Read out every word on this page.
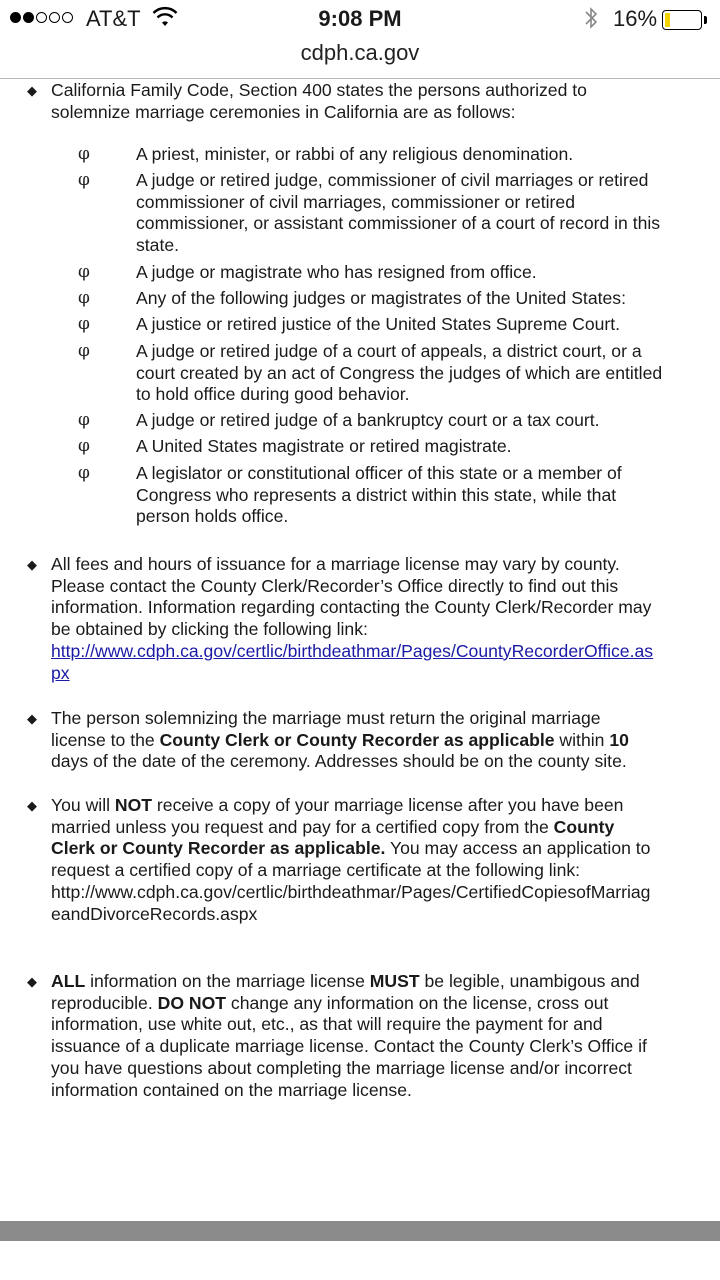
AT&T	9:08 PM	16%
cdph.ca.gov
◆ California Family Code, Section 400 states the persons authorized to
solemnize marriage ceremonies in California are as follows:
φ	A priest, minister, or rabbi of any religious denomination.
φ	A judge or retired judge, commissioner of civil marriages or retired
commissioner of civil marriages, commissioner or retired
commissioner, or assistant commissioner of a court of record in this
state.
φ	A judge or magistrate who has resigned from office.
φ	Any of the following judges or magistrates of the United States:
φ	A justice or retired justice of the United States Supreme Court.
φ	A judge or retired judge of a court of appeals, a district court, or a
court created by an act of Congress the judges of which are entitled
to hold office during good behavior.
φ	A judge or retired judge of a bankruptcy court or a tax court.
φ	A United States magistrate or retired magistrate.
φ	A legislator or constitutional officer of this state or a member of
Congress who represents a district within this state, while that
person holds office.
◆ All fees and hours of issuance for a marriage license may vary by county.
Please contact the County Clerk/Recorder’s Office directly to find out this
information. Information regarding contacting the County Clerk/Recorder may
be obtained by clicking the following link:
http://www.cdph.ca.gov/certlic/birthdeathmar/Pages/CountyRecorderOffice.as
px
◆ The person solemnizing the marriage must return the original marriage
license to the County Clerk or County Recorder as applicable within 10
days of the date of the ceremony. Addresses should be on the county site.
◆ You will NOT receive a copy of your marriage license after you have been
married unless you request and pay for a certified copy from the County
Clerk or County Recorder as applicable. You may access an application to
request a certified copy of a marriage certificate at the following link:
http://www.cdph.ca.gov/certlic/birthdeathmar/Pages/CertifiedCopiesofMarriag
eandDivorceRecords.aspx
◆ ALL information on the marriage license MUST be legible, unambigous and
reproducible. DO NOT change any information on the license, cross out
information, use white out, etc., as that will require the payment for and
issuance of a duplicate marriage license. Contact the County Clerk’s Office if
you have questions about completing the marriage license and/or incorrect
information contained on the marriage license.
